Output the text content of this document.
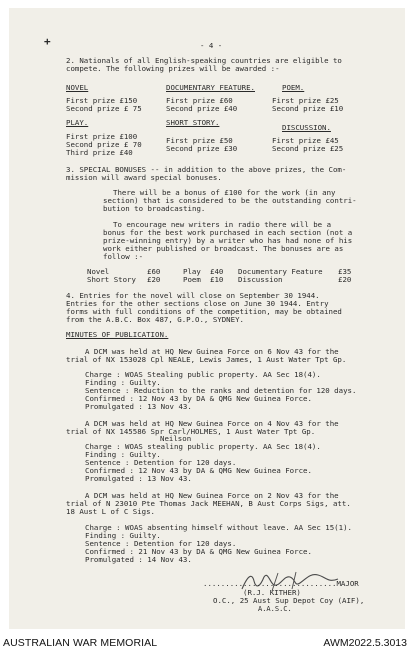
+	- 4 -
2. Nationals of all English-speaking countries are eligible to
compete. The following prizes will be awarded :-
NOVEL
First prize £150
Second prize £ 75
DOCUMENTARY FEATURE.
First prize £60
Second prize £40
POEM.
First prize £25
Second prize £10
PLAY.
First prize £100
Second prize £ 70
Third prize £40
SHORT STORY.
First prize £50
Second prize £30
DISCUSSION.
First prize £45
Second prize £25
3. SPECIAL BONUSES -- in addition to the above prizes, the Com-
mission will award special bonuses.
There will be a bonus of £100 for the work (in any
section) that is considered to be the outstanding contri-
bution to broadcasting.
To encourage new writers in radio there will be a
bonus for the best work purchased in each section (not a
prize-winning entry) by a writer who has had none of his
work either published or broadcast. The bonuses are as
follow :-
Novel	£60	Play £40 Documentary Feature £35
Short Story £20	Poem £10 Discussion	£20
4. Entries for the novel will close on September 30 1944.
Entries for the other sections close on June 30 1944. Entry
forms with full conditions of the competition, may be obtained
from the A.B.C. Box 487, G.P.O., SYDNEY.
MINUTES OF PUBLICATION.
A DCM was held at HQ New Guinea Force on 6 Nov 43 for the
trial of NX 153028 Cpl NEALE, Lewis James, 1 Aust Water Tpt Gp.
Charge : WOAS Stealing public property. AA Sec 18(4).
Finding : Guilty.
Sentence : Reduction to the ranks and detention for 120 days.
Confirmed : 12 Nov 43 by DA & QMG New Guinea Force.
Promulgated : 13 Nov 43.
A DCM was held at HQ New Guinea Force on 4 Nov 43 for the
trial of NX 145586 Spr Carl/HOLMES, 1 Aust Water Tpt Gp.
Neilson
Charge : WOAS stealing public property. AA Sec 18(4).
Finding : Guilty.
Sentence : Detention for 120 days.
Confirmed : 12 Nov 43 by DA & QMG New Guinea Force.
Promulgated : 13 Nov 43.
A DCM was held at HQ New Guinea Force on 2 Nov 43 for the
trial of N 23010 Pte Thomas Jack MEEHAN, B Aust Corps Sigs, att.
18 Aust L of C Sigs.
Charge : WOAS absenting himself without leave. AA Sec 15(1).
Finding : Guilty.
Sentence : Detention for 120 days.
Confirmed : 21 Nov 43 by DA & QMG New Guinea Force.
Promulgated : 14 Nov 43.
..............................MAJOR
(R.J. KITHER)
O.C., 25 Aust Sup Depot Coy (AIF),
A.A.S.C.
AUSTRALIAN WAR MEMORIAL	AWM2022.5.3013
